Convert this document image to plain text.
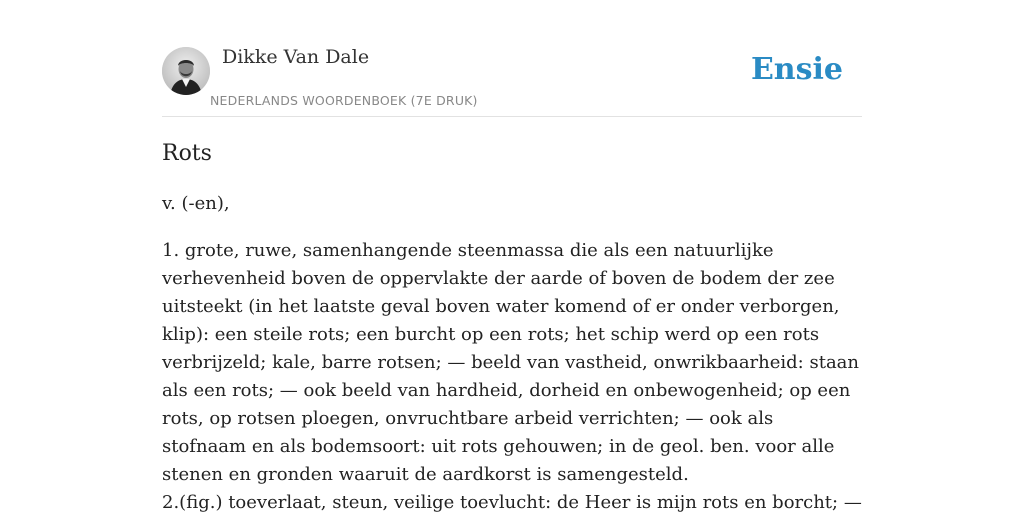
Dikke Van Dale
NEDERLANDS WOORDENBOEK (7E DRUK)
Ensie
Rots

v. (-en),

1. grote, ruwe, samenhangende steenmassa die als een natuurlijke verhevenheid boven de oppervlakte der aarde of boven de bodem der zee uitsteekt (in het laatste geval boven water komend of er onder verborgen, klip): een steile rots; een burcht op een rots; het schip werd op een rots verbrijzeld; kale, barre rotsen; — beeld van vastheid, onwrikbaarheid: staan als een rots; — ook beeld van hardheid, dorheid en onbewogenheid; op een rots, op rotsen ploegen, onvruchtbare arbeid verrichten; — ook als stofnaam en als bodemsoort: uit rots gehouwen; in de geol. ben. voor alle stenen en gronden waaruit de aardkorst is samengesteld.

2.(fig.) toeverlaat, steun, veilige toevlucht: de Heer is mijn rots en borcht; —
